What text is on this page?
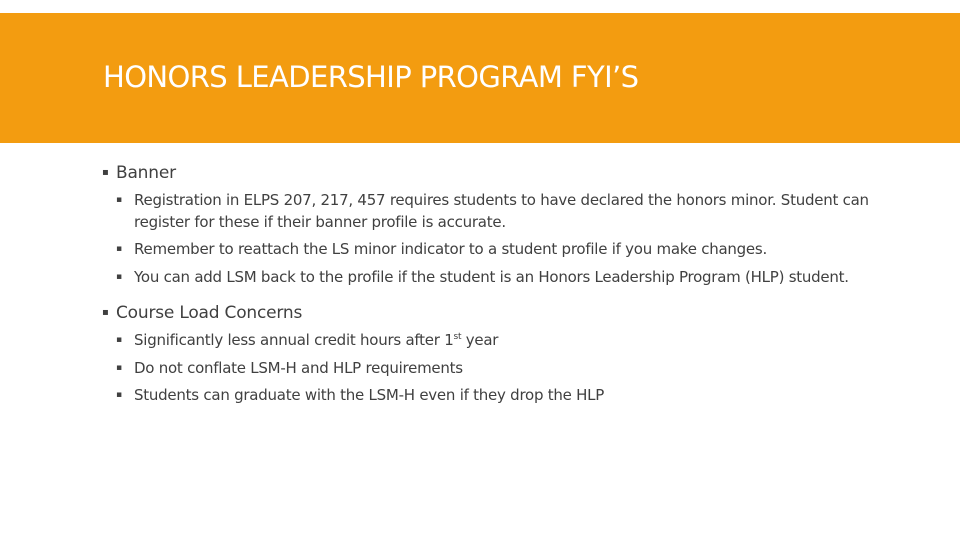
HONORS LEADERSHIP PROGRAM FYI’S
▪ Banner
▪ Registration in ELPS 207, 217, 457 requires students to have declared the honors minor. Student can register for these if their banner profile is accurate.
▪ Remember to reattach the LS minor indicator to a student profile if you make changes.
▪ You can add LSM back to the profile if the student is an Honors Leadership Program (HLP) student.
▪ Course Load Concerns
▪ Significantly less annual credit hours after 1st year
▪ Do not conflate LSM-H and HLP requirements
▪ Students can graduate with the LSM-H even if they drop the HLP
